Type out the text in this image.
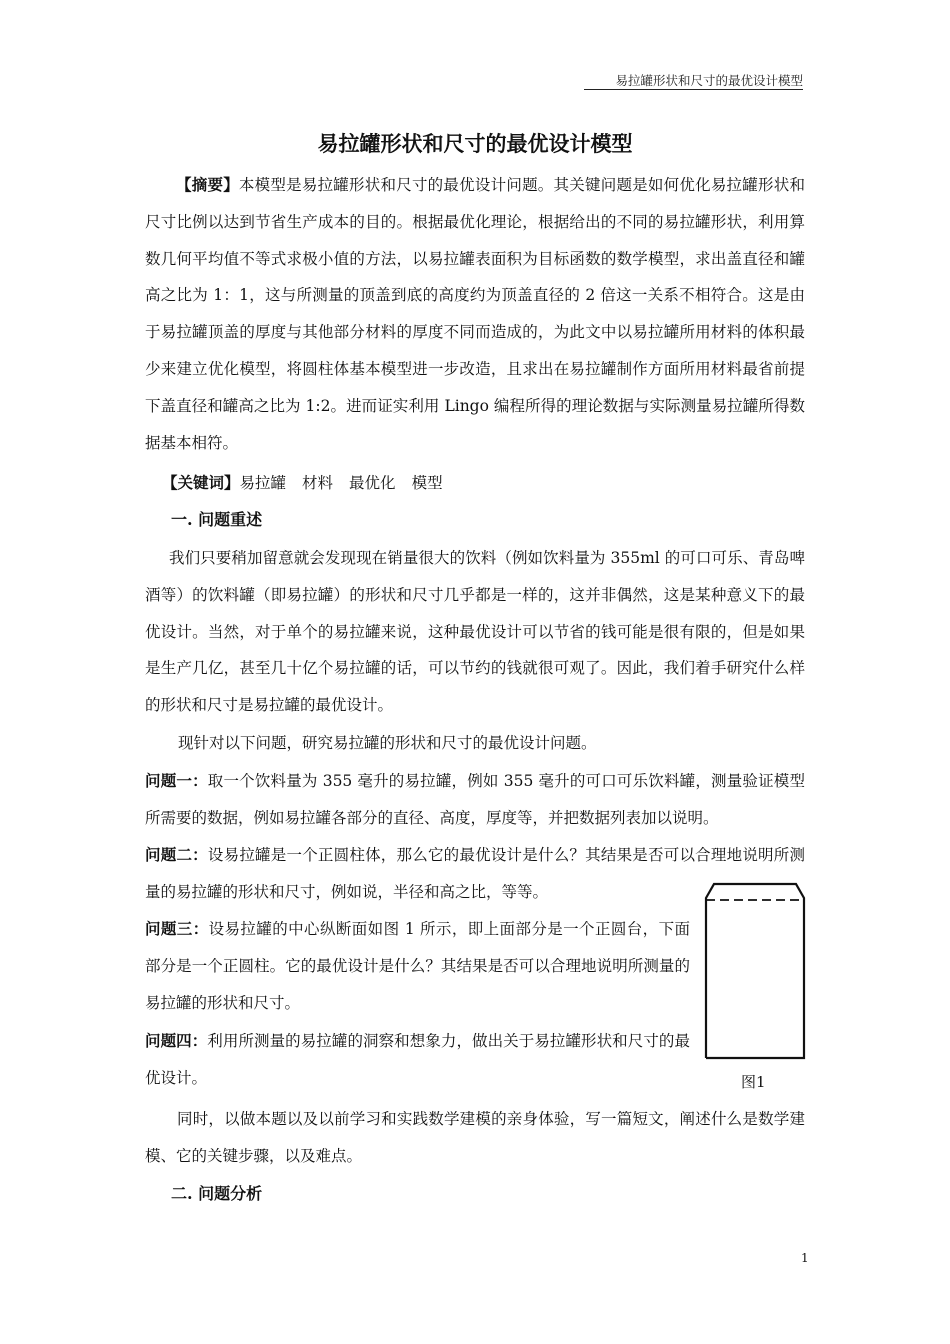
易拉罐形状和尺寸的最优设计模型
易拉罐形状和尺寸的最优设计模型

【摘要】本模型是易拉罐形状和尺寸的最优设计问题。其关键问题是如何优化易拉罐形状和尺寸比例以达到节省生产成本的目的。根据最优化理论，根据给出的不同的易拉罐形状，利用算数几何平均值不等式求极小值的方法，以易拉罐表面积为目标函数的数学模型，求出盖直径和罐高之比为 1：1，这与所测量的顶盖到底的高度约为顶盖直径的 2 倍这一关系不相符合。这是由于易拉罐顶盖的厚度与其他部分材料的厚度不同而造成的，为此文中以易拉罐所用材料的体积最少来建立优化模型，将圆柱体基本模型进一步改造，且求出在易拉罐制作方面所用材料最省前提下盖直径和罐高之比为 1:2。进而证实利用 Lingo 编程所得的理论数据与实际测量易拉罐所得数据基本相符。

【关键词】易拉罐 材料 最优化 模型

一. 问题重述

我们只要稍加留意就会发现现在销量很大的饮料（例如饮料量为 355ml 的可口可乐、青岛啤酒等）的饮料罐（即易拉罐）的形状和尺寸几乎都是一样的，这并非偶然，这是某种意义下的最优设计。当然，对于单个的易拉罐来说，这种最优设计可以节省的钱可能是很有限的，但是如果是生产几亿，甚至几十亿个易拉罐的话，可以节约的钱就很可观了。因此，我们着手研究什么样的形状和尺寸是易拉罐的最优设计。

现针对以下问题，研究易拉罐的形状和尺寸的最优设计问题。

问题一：取一个饮料量为 355 毫升的易拉罐，例如 355 毫升的可口可乐饮料罐，测量验证模型所需要的数据，例如易拉罐各部分的直径、高度，厚度等，并把数据列表加以说明。

问题二：设易拉罐是一个正圆柱体，那么它的最优设计是什么？其结果是否可以合理地说明所测量的易拉罐的形状和尺寸，例如说，半径和高之比，等等。

问题三：设易拉罐的中心纵断面如图 1 所示，即上面部分是一个正圆台，下面部分是一个正圆柱。它的最优设计是什么？其结果是否可以合理地说明所测量的易拉罐的形状和尺寸。

问题四：利用所测量的易拉罐的洞察和想象力，做出关于易拉罐形状和尺寸的最优设计。	图1

同时，以做本题以及以前学习和实践数学建模的亲身体验，写一篇短文，阐述什么是数学建模、它的关键步骤，以及难点。

二. 问题分析

1
